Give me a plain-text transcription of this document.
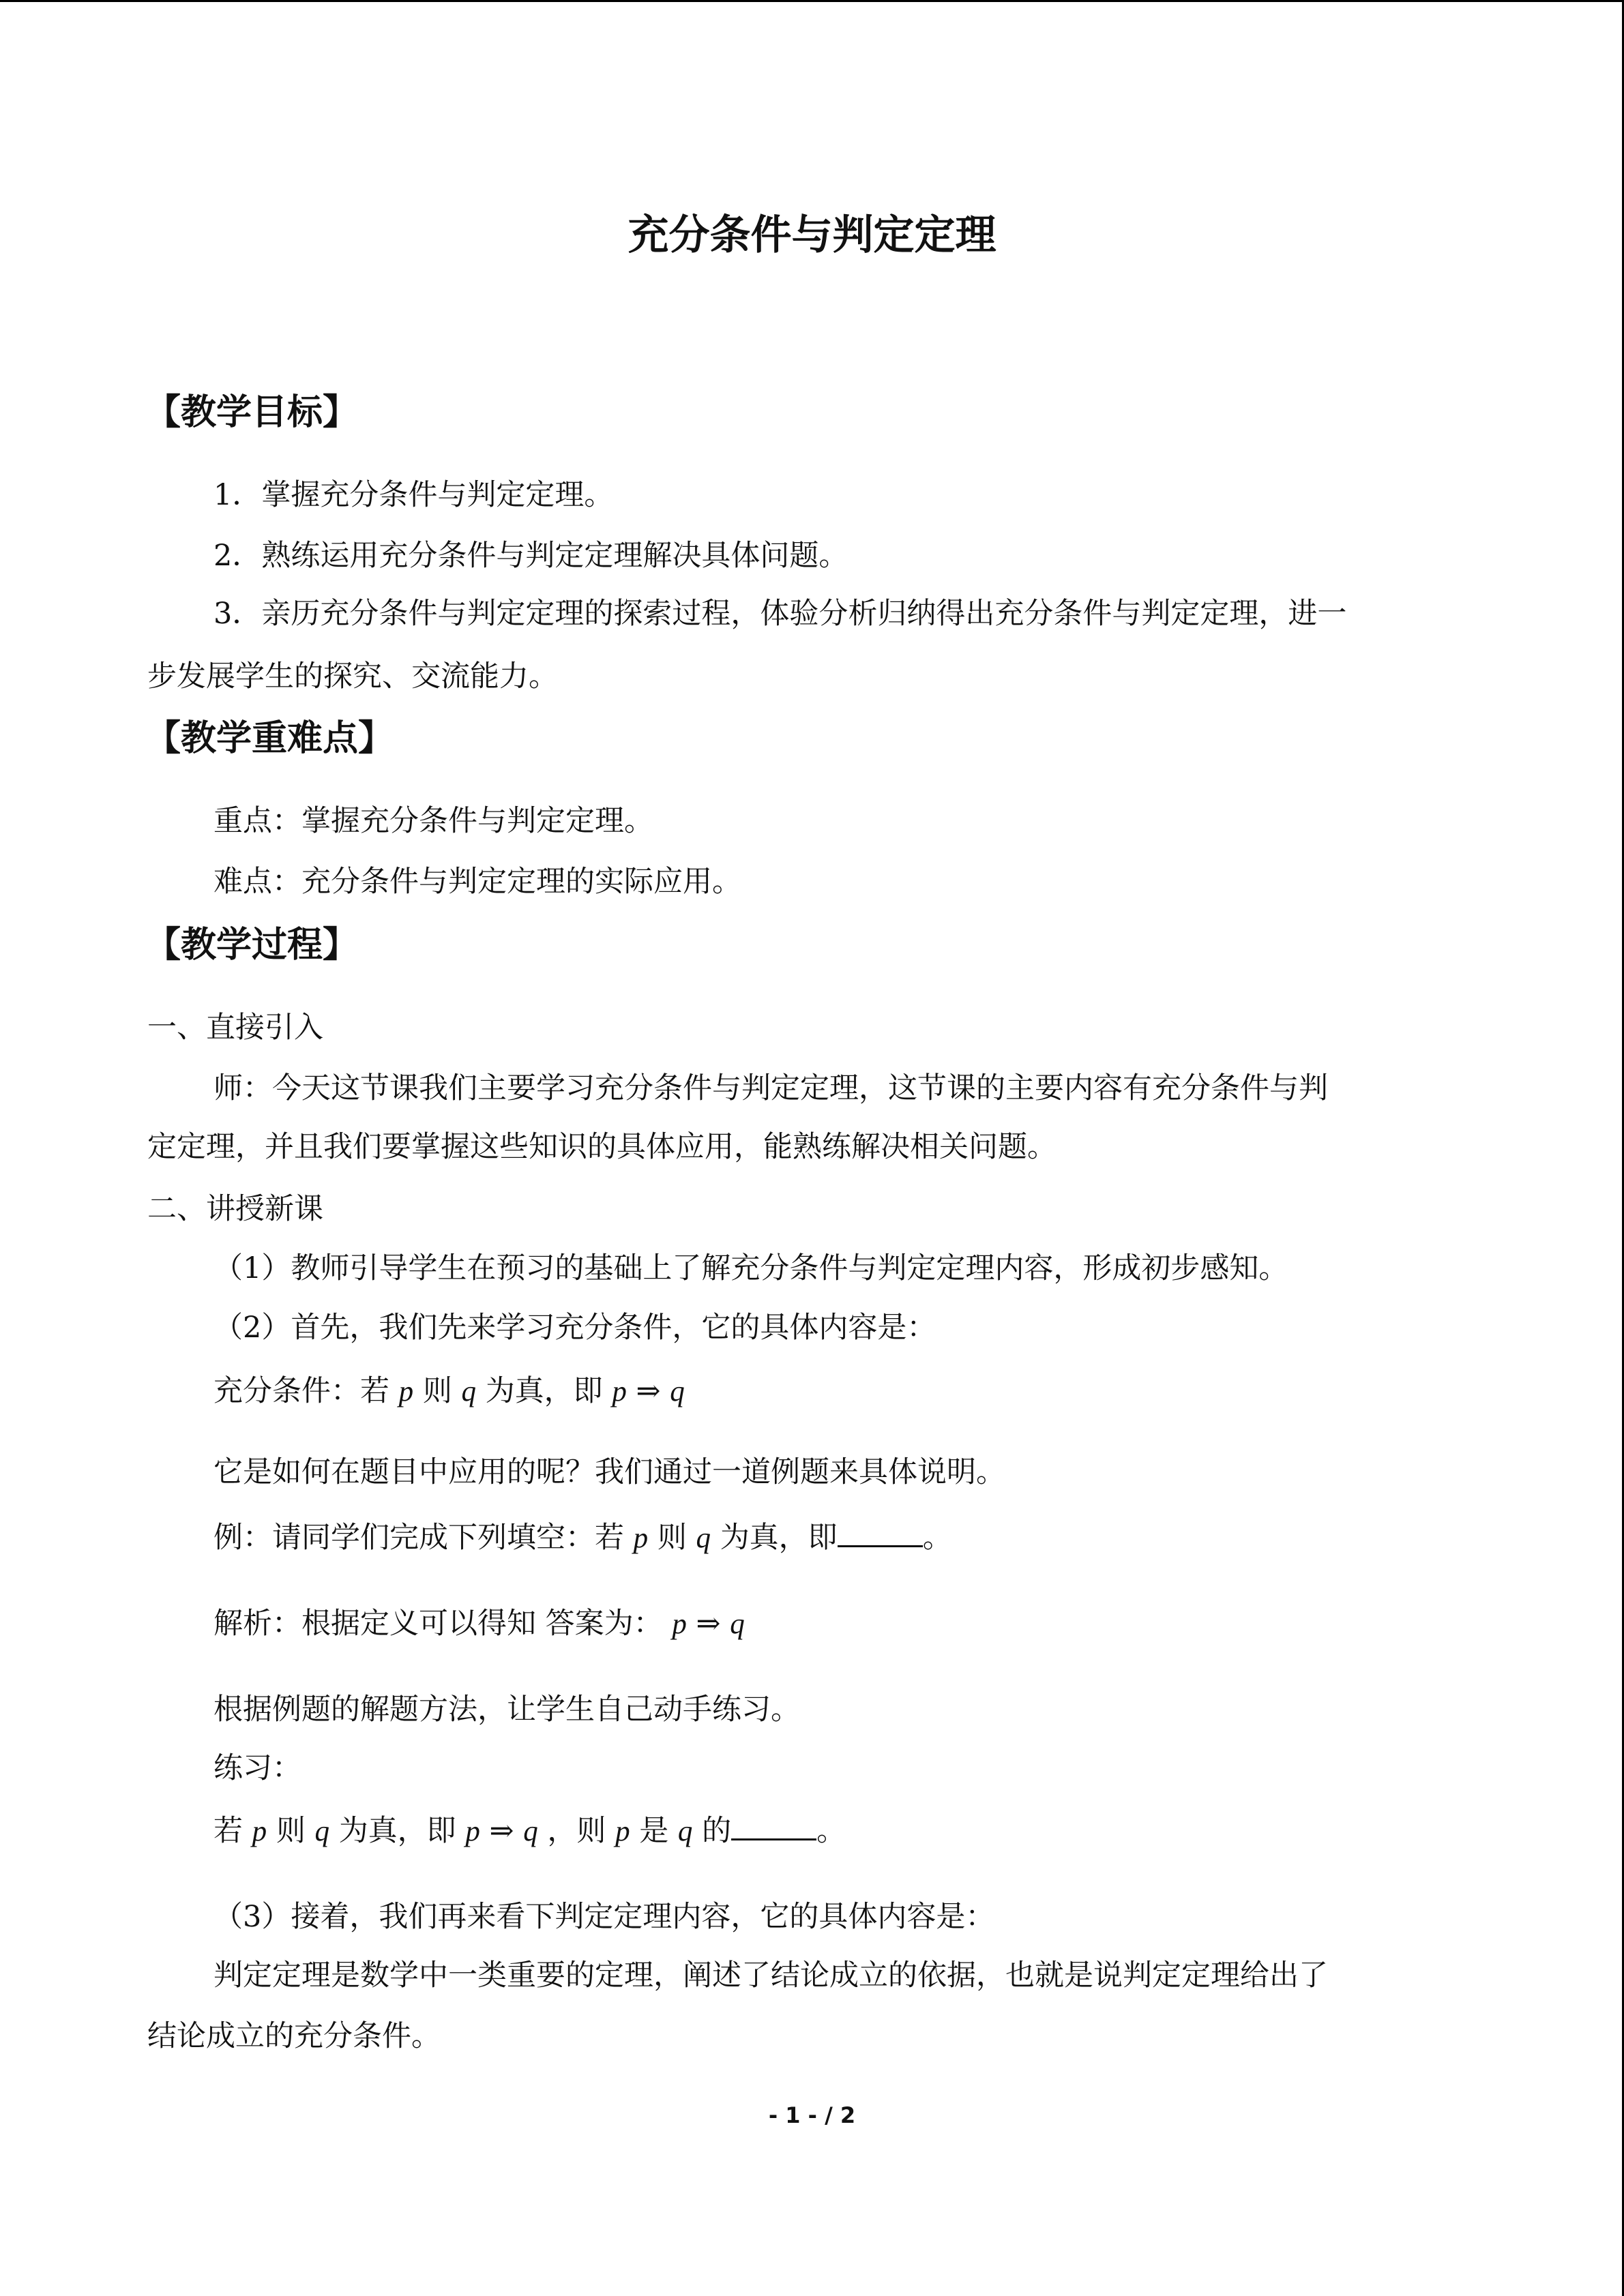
充分条件与判定定理
【教学目标】
1．掌握充分条件与判定定理。
2．熟练运用充分条件与判定定理解决具体问题。
3．亲历充分条件与判定定理的探索过程，体验分析归纳得出充分条件与判定定理，进一
步发展学生的探究、交流能力。
【教学重难点】
重点：掌握充分条件与判定定理。
难点：充分条件与判定定理的实际应用。
【教学过程】
一、直接引入
师：今天这节课我们主要学习充分条件与判定定理，这节课的主要内容有充分条件与判
定定理，并且我们要掌握这些知识的具体应用，能熟练解决相关问题。
二、讲授新课
（1）教师引导学生在预习的基础上了解充分条件与判定定理内容，形成初步感知。
（2）首先，我们先来学习充分条件，它的具体内容是：
充分条件：若 p 则 q 为真，即 p ⇒ q
它是如何在题目中应用的呢？我们通过一道例题来具体说明。
例：请同学们完成下列填空：若 p 则 q 为真，即	。
解析：根据定义可以得知 答案为： p ⇒ q
根据例题的解题方法，让学生自己动手练习。
练习：
若 p 则 q 为真，即 p ⇒ q ，则 p 是 q 的	。
（3）接着，我们再来看下判定定理内容，它的具体内容是：
判定定理是数学中一类重要的定理，阐述了结论成立的依据，也就是说判定定理给出了
结论成立的充分条件。
- 1 - / 2
